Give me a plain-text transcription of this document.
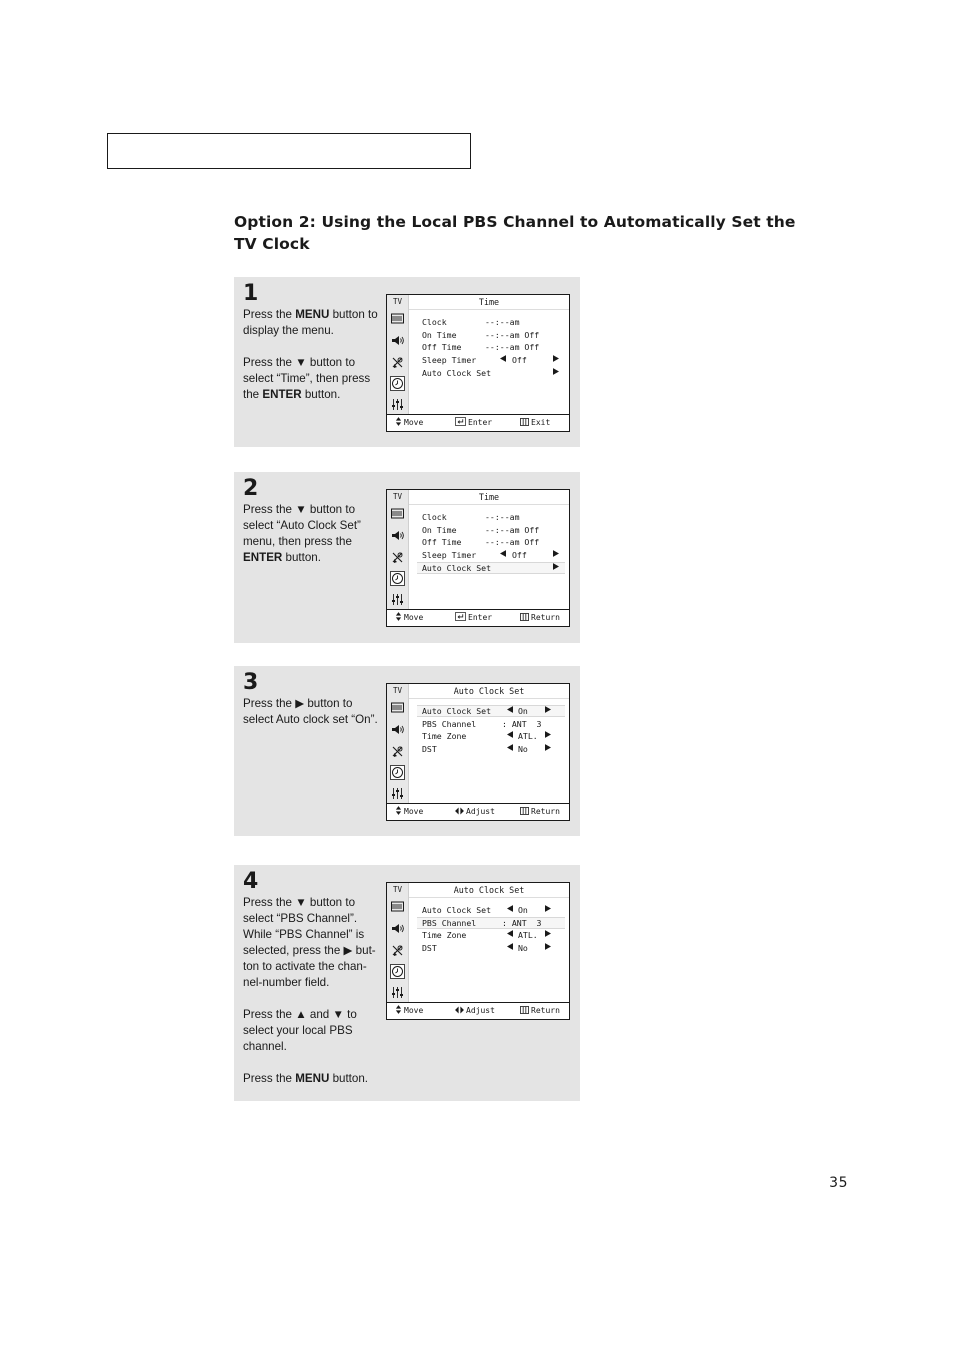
Option 2: Using the Local PBS Channel to Automatically Set the TV Clock
1

Press the MENU button to display the menu.

Press the ▼ button to select “Time”, then press the ENTER button.

TV	Time
Clock	--:--am
On Time	--:--am Off
Off Time	--:--am Off
Sleep Timer	Off
Auto Clock Set
Move	Enter	Exit
2

Press the ▼ button to select “Auto Clock Set” menu, then press the ENTER button.

TV	Time
Clock	--:--am
On Time	--:--am Off
Off Time	--:--am Off
Sleep Timer	Off
Auto Clock Set
Move	Enter	Return
3

Press the ▶ button to select Auto clock set “On”.

TV	Auto Clock Set
Auto Clock Set	On
PBS Channel	: ANT  3
Time Zone	ATL.
DST	No
Move	Adjust	Return
4

Press the ▼ button to select “PBS Channel”. While “PBS Channel” is selected, press the ▶ but-ton to activate the chan-nel-number field.

Press the ▲ and ▼ to select your local PBS channel.

Press the MENU button.

TV	Auto Clock Set
Auto Clock Set	On
PBS Channel	: ANT  3
Time Zone	ATL.
DST	No
Move	Adjust	Return
35
